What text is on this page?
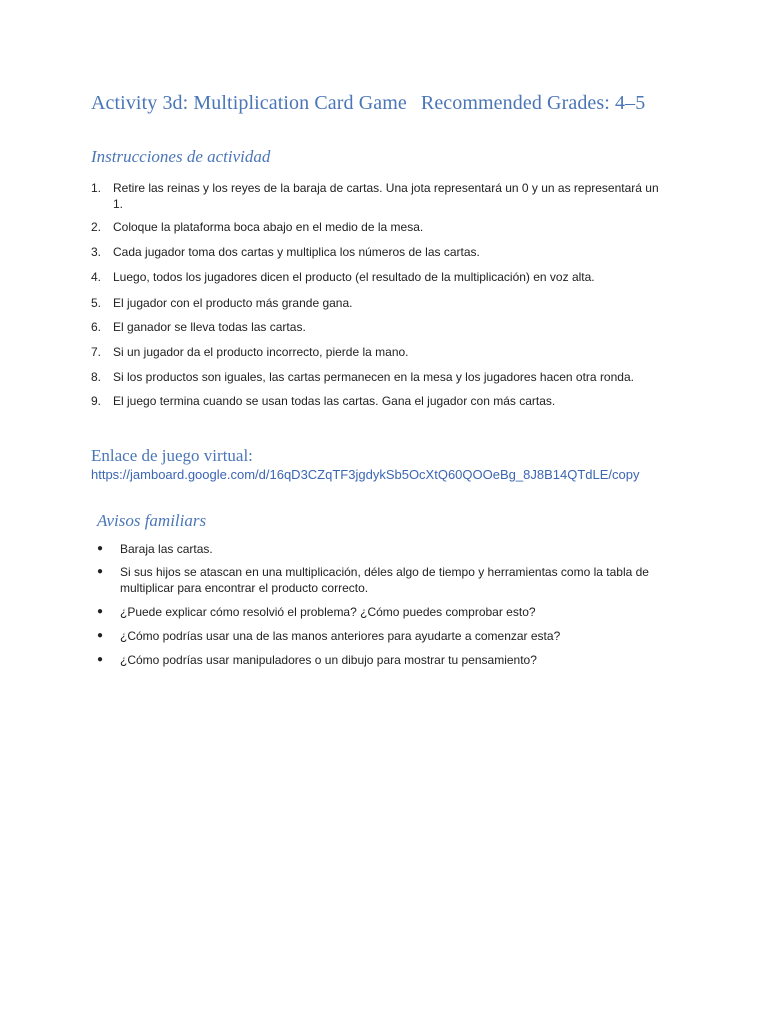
Activity 3d: Multiplication Card Game Recommended Grades: 4–5
Instrucciones de actividad
1. Retire las reinas y los reyes de la baraja de cartas. Una jota representará un 0 y un as representará un 1.
2. Coloque la plataforma boca abajo en el medio de la mesa.
3. Cada jugador toma dos cartas y multiplica los números de las cartas.
4. Luego, todos los jugadores dicen el producto (el resultado de la multiplicación) en voz alta.
5. El jugador con el producto más grande gana.
6. El ganador se lleva todas las cartas.
7. Si un jugador da el producto incorrecto, pierde la mano.
8. Si los productos son iguales, las cartas permanecen en la mesa y los jugadores hacen otra ronda.
9. El juego termina cuando se usan todas las cartas. Gana el jugador con más cartas.
Enlace de juego virtual:
https://jamboard.google.com/d/16qD3CZqTF3jgdykSb5OcXtQ60QOOeBg_8J8B14QTdLE/copy
Avisos familiars
● Baraja las cartas.
● Si sus hijos se atascan en una multiplicación, déles algo de tiempo y herramientas como la tabla de multiplicar para encontrar el producto correcto.
● ¿Puede explicar cómo resolvió el problema? ¿Cómo puedes comprobar esto?
● ¿Cómo podrías usar una de las manos anteriores para ayudarte a comenzar esta?
● ¿Cómo podrías usar manipuladores o un dibujo para mostrar tu pensamiento?
